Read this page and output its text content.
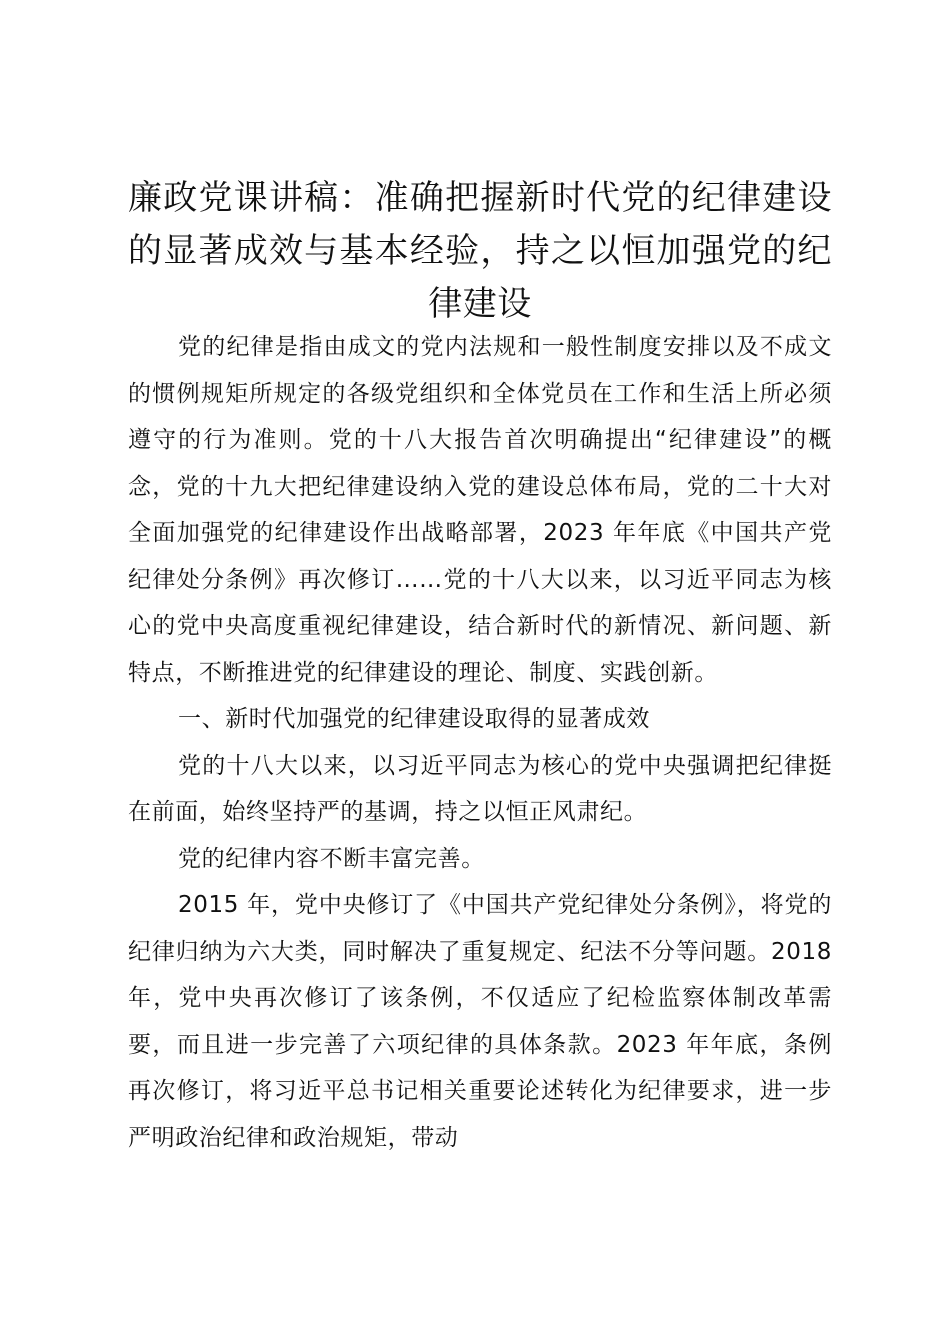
廉政党课讲稿：准确把握新时代党的纪律建设的显著成效与基本经验，持之以恒加强党的纪律建设

党的纪律是指由成文的党内法规和一般性制度安排以及不成文的惯例规矩所规定的各级党组织和全体党员在工作和生活上所必须遵守的行为准则。党的十八大报告首次明确提出“纪律建设”的概念，党的十九大把纪律建设纳入党的建设总体布局，党的二十大对全面加强党的纪律建设作出战略部署，2023 年年底《中国共产党纪律处分条例》再次修订……党的十八大以来，以习近平同志为核心的党中央高度重视纪律建设，结合新时代的新情况、新问题、新特点，不断推进党的纪律建设的理论、制度、实践创新。

一、新时代加强党的纪律建设取得的显著成效

党的十八大以来，以习近平同志为核心的党中央强调把纪律挺在前面，始终坚持严的基调，持之以恒正风肃纪。

党的纪律内容不断丰富完善。

2015 年，党中央修订了《中国共产党纪律处分条例》，将党的纪律归纳为六大类，同时解决了重复规定、纪法不分等问题。2018 年，党中央再次修订了该条例，不仅适应了纪检监察体制改革需要，而且进一步完善了六项纪律的具体条款。2023 年年底，条例再次修订，将习近平总书记相关重要论述转化为纪律要求，进一步严明政治纪律和政治规矩，带动
